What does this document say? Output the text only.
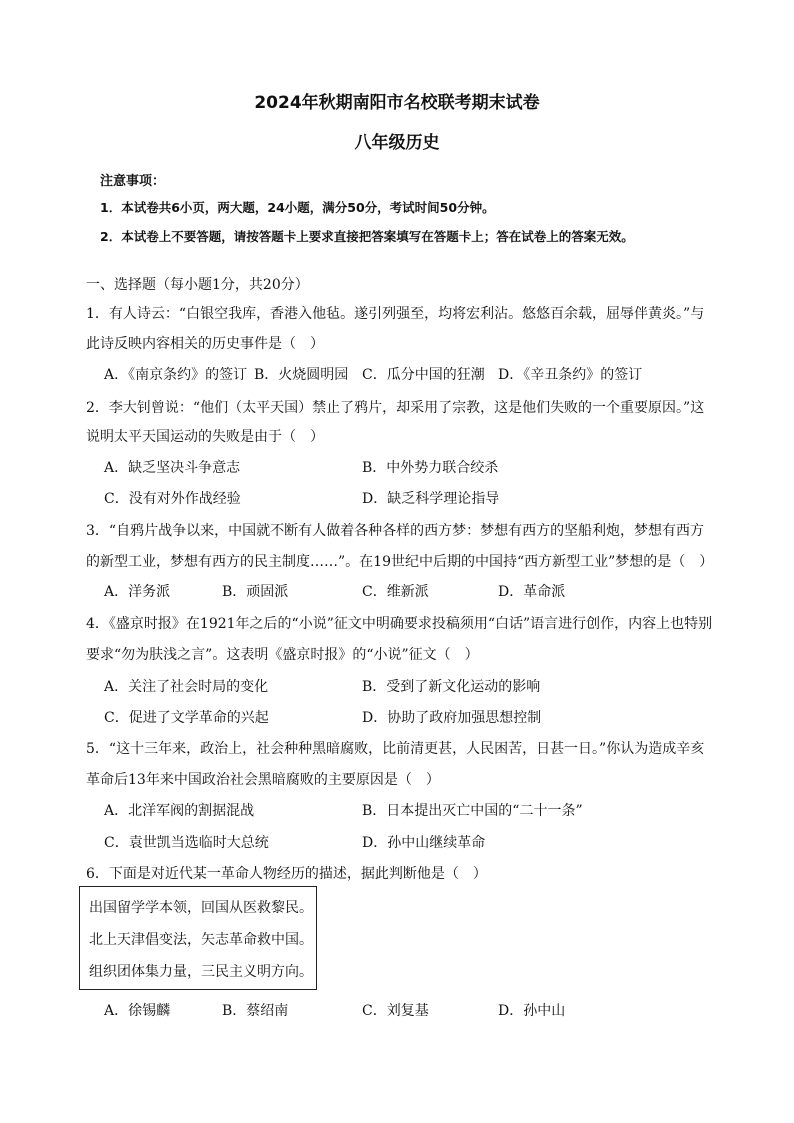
2024年秋期南阳市名校联考期末试卷
八年级历史
注意事项：
1．本试卷共6小页，两大题，24小题，满分50分，考试时间50分钟。
2．本试卷上不要答题，请按答题卡上要求直接把答案填写在答题卡上；答在试卷上的答案无效。
一、选择题（每小题1分，共20分）
1．有人诗云：“白银空我库，香港入他毡。遂引列强至，均将宏利沾。悠悠百余载，屈辱伴黄炎。”与
此诗反映内容相关的历史事件是（　）
A．《南京条约》的签订 B．火烧圆明园 C．瓜分中国的狂潮 D．《辛丑条约》的签订
2．李大钊曾说：“他们（太平天国）禁止了鸦片，却采用了宗教，这是他们失败的一个重要原因。”这
说明太平天国运动的失败是由于（　）
A．缺乏坚决斗争意志	B．中外势力联合绞杀
C．没有对外作战经验	D．缺乏科学理论指导
3．“自鸦片战争以来，中国就不断有人做着各种各样的西方梦：梦想有西方的坚船利炮，梦想有西方
的新型工业，梦想有西方的民主制度……”。在19世纪中后期的中国持“西方新型工业”梦想的是（　）
A．洋务派	B．顽固派	C．维新派	D．革命派
4．《盛京时报》在1921年之后的“小说”征文中明确要求投稿须用“白话”语言进行创作，内容上也特别
要求“勿为肤浅之言”。这表明《盛京时报》的“小说”征文（　）
A．关注了社会时局的变化	B．受到了新文化运动的影响
C．促进了文学革命的兴起	D．协助了政府加强思想控制
5．“这十三年来，政治上，社会种种黑暗腐败，比前清更甚，人民困苦，日甚一日。”你认为造成辛亥
革命后13年来中国政治社会黑暗腐败的主要原因是（　）
A．北洋军阀的割据混战	B．日本提出灭亡中国的“二十一条”
C．袁世凯当选临时大总统	D．孙中山继续革命
6．下面是对近代某一革命人物经历的描述，据此判断他是（　）
出国留学学本领，回国从医救黎民。
北上天津倡变法，矢志革命救中国。
组织团体集力量，三民主义明方向。
A．徐锡麟	B．蔡绍南	C．刘复基	D．孙中山
